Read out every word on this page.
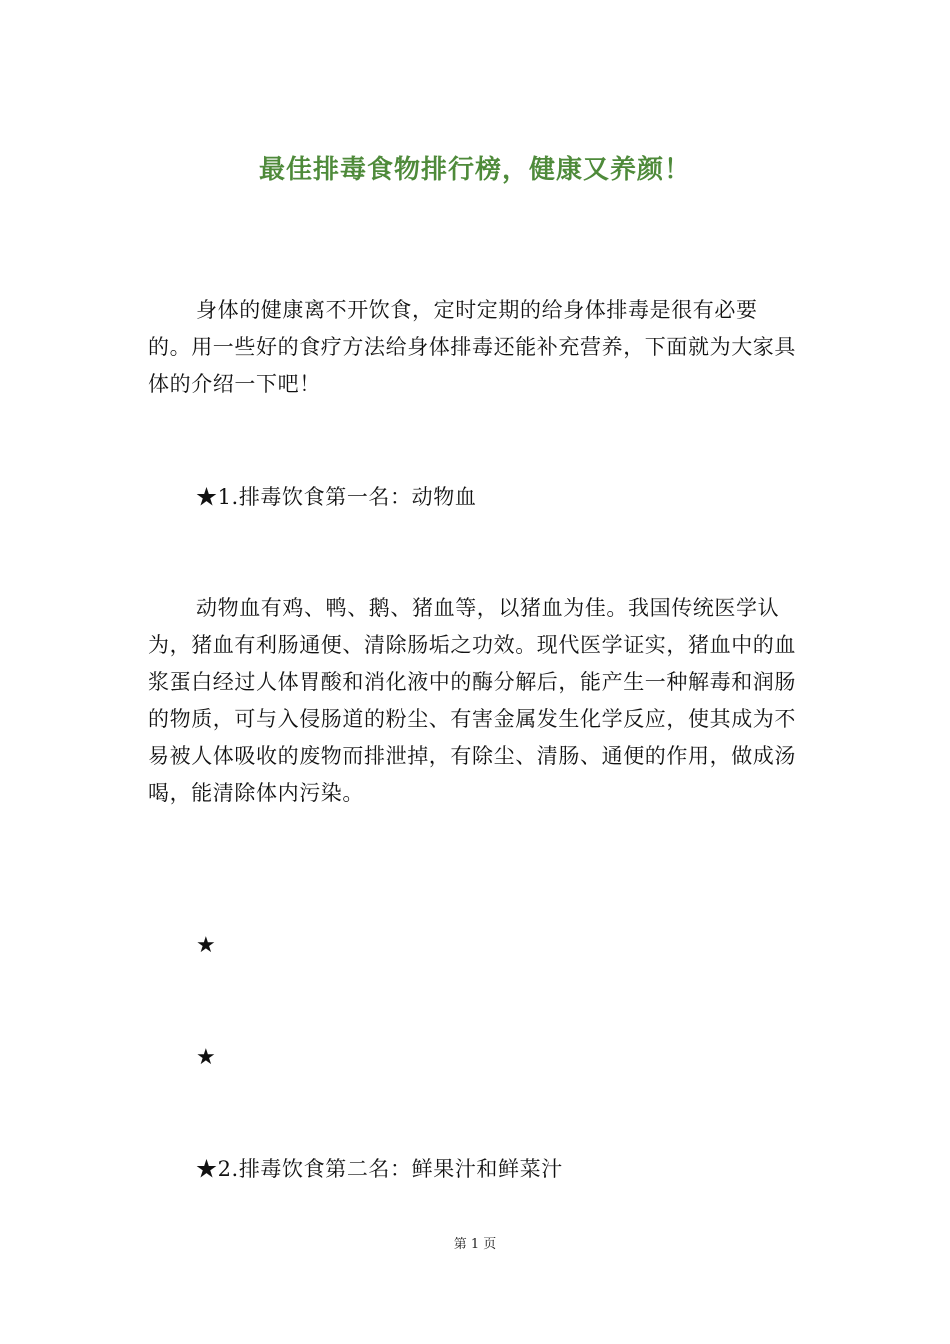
最佳排毒食物排行榜，健康又养颜！

身体的健康离不开饮食，定时定期的给身体排毒是很有必要的。用一些好的食疗方法给身体排毒还能补充营养，下面就为大家具体的介绍一下吧！

★1.排毒饮食第一名：动物血

动物血有鸡、鸭、鹅、猪血等，以猪血为佳。我国传统医学认为，猪血有利肠通便、清除肠垢之功效。现代医学证实，猪血中的血浆蛋白经过人体胃酸和消化液中的酶分解后，能产生一种解毒和润肠的物质，可与入侵肠道的粉尘、有害金属发生化学反应，使其成为不易被人体吸收的废物而排泄掉，有除尘、清肠、通便的作用，做成汤喝，能清除体内污染。

★

★

★2.排毒饮食第二名：鲜果汁和鲜菜汁

第 1 页
